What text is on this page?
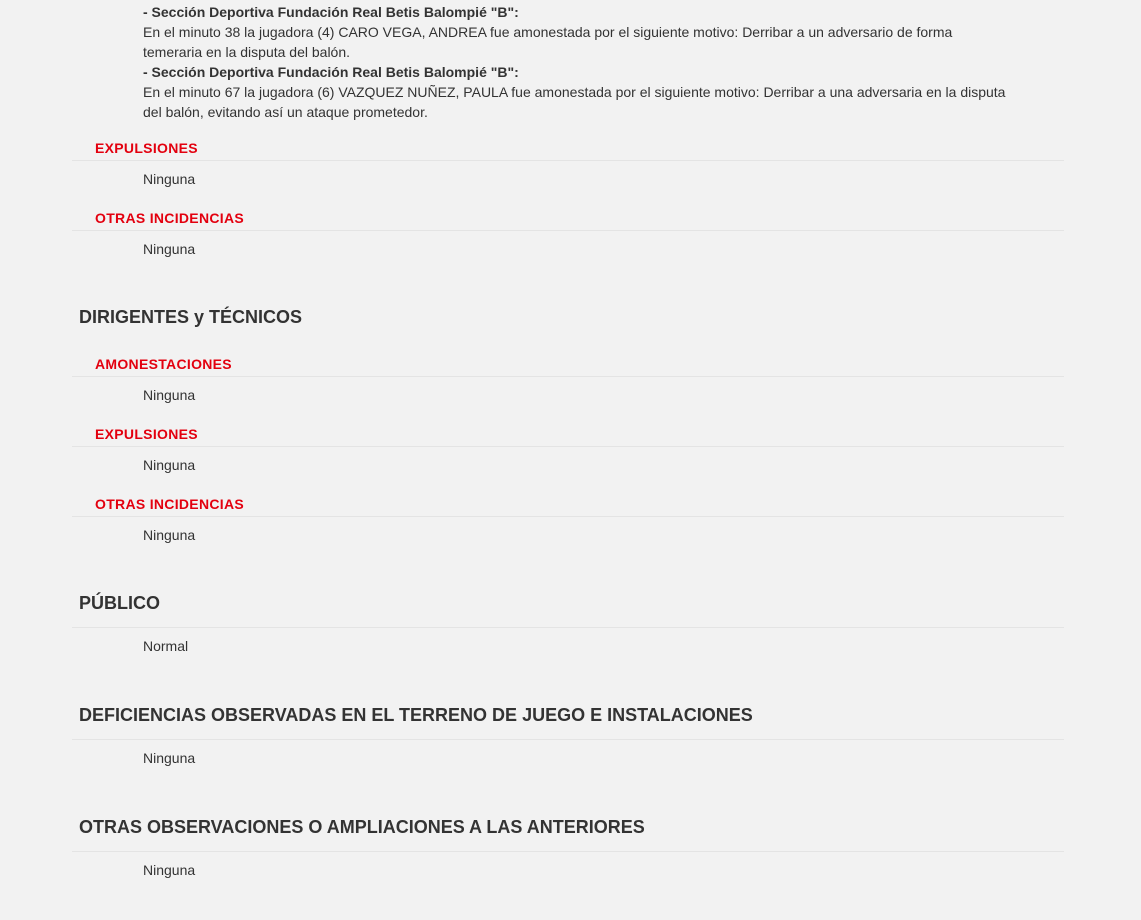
- Sección Deportiva Fundación Real Betis Balompié "B":
En el minuto 38 la jugadora (4) CARO VEGA, ANDREA fue amonestada por el siguiente motivo: Derribar a un adversario de forma
temeraria en la disputa del balón.
- Sección Deportiva Fundación Real Betis Balompié "B":
En el minuto 67 la jugadora (6) VAZQUEZ NUÑEZ, PAULA fue amonestada por el siguiente motivo: Derribar a una adversaria en la disputa
del balón, evitando así un ataque prometedor.
EXPULSIONES
Ninguna
OTRAS INCIDENCIAS
Ninguna
DIRIGENTES y TÉCNICOS
AMONESTACIONES
Ninguna
EXPULSIONES
Ninguna
OTRAS INCIDENCIAS
Ninguna
PÚBLICO
Normal
DEFICIENCIAS OBSERVADAS EN EL TERRENO DE JUEGO E INSTALACIONES
Ninguna
OTRAS OBSERVACIONES O AMPLIACIONES A LAS ANTERIORES
Ninguna
